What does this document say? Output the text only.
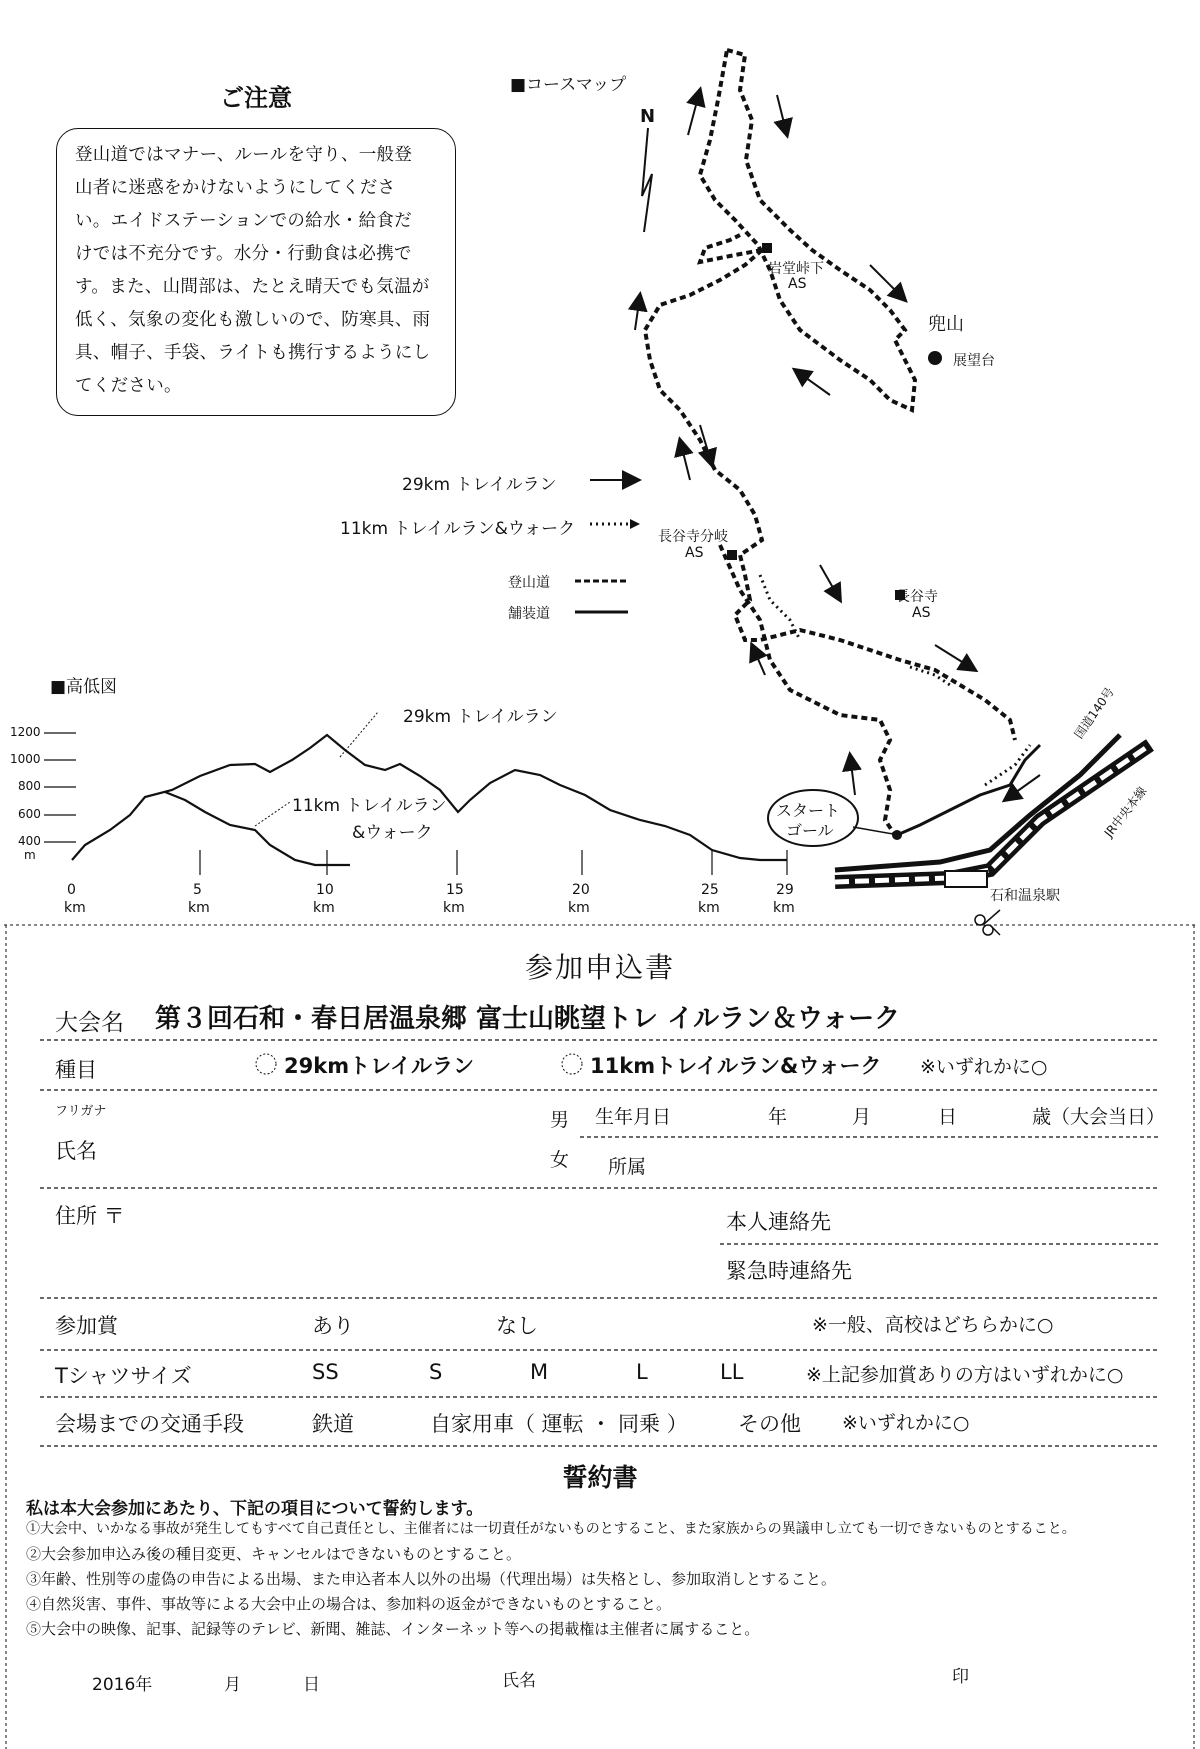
ご注意

登山道ではマナー、ルールを守り、一般登

山者に迷惑をかけないようにしてくださ

い。エイドステーションでの給水・給食だ

けでは不充分です。水分・行動食は必携で

す。また、山間部は、たとえ晴天でも気温が

低く、気象の変化も激しいので、防寒具、雨

具、帽子、手袋、ライトも携行するようにし

てください。

■コースマップ
N
29km トレイルラン
11km トレイルラン&ウォーク
登山道
舗装道
岩堂峠下
AS
兜山
展望台
長谷寺分岐
AS
長谷寺
AS
スタート
ゴール
国道140号
JR中央本線
石和温泉駅
■高低図
1200
1000
800
600
400
m
29km トレイルラン
11km トレイルラン
&ウォーク
0	5	10	15	20	25	29
km	km	km	km	km	km	km
参加申込書
大会名 第３回石和・春日居温泉郷 富士山眺望トレ イルラン＆ウォーク
種目	29kmトレイルラン	11kmトレイルラン&ウォーク ※いずれかに○
フリガナ
氏名
男
女
生年月日	年	月	日	歳（大会当日）
所属
住所 〒	本人連絡先
緊急時連絡先
参加賞	あり	なし	※一般、高校はどちらかに○
Tシャツサイズ	SS	S	M	L	LL	※上記参加賞ありの方はいずれかに○
会場までの交通手段	鉄道	自家用車（ 運転 ・ 同乗 ） その他 ※いずれかに○
誓約書
私は本大会参加にあたり、下記の項目について誓約します。
①大会中、いかなる事故が発生してもすべて自己責任とし、主催者には一切責任がないものとすること、また家族からの異議申し立ても一切できないものとすること。
②大会参加申込み後の種目変更、キャンセルはできないものとすること。
③年齢、性別等の虚偽の申告による出場、また申込者本人以外の出場（代理出場）は失格とし、参加取消しとすること。
④自然災害、事件、事故等による大会中止の場合は、参加料の返金ができないものとすること。
⑤大会中の映像、記事、記録等のテレビ、新聞、雑誌、インターネット等への掲載権は主催者に属すること。
2016年	月	日	氏名	印
